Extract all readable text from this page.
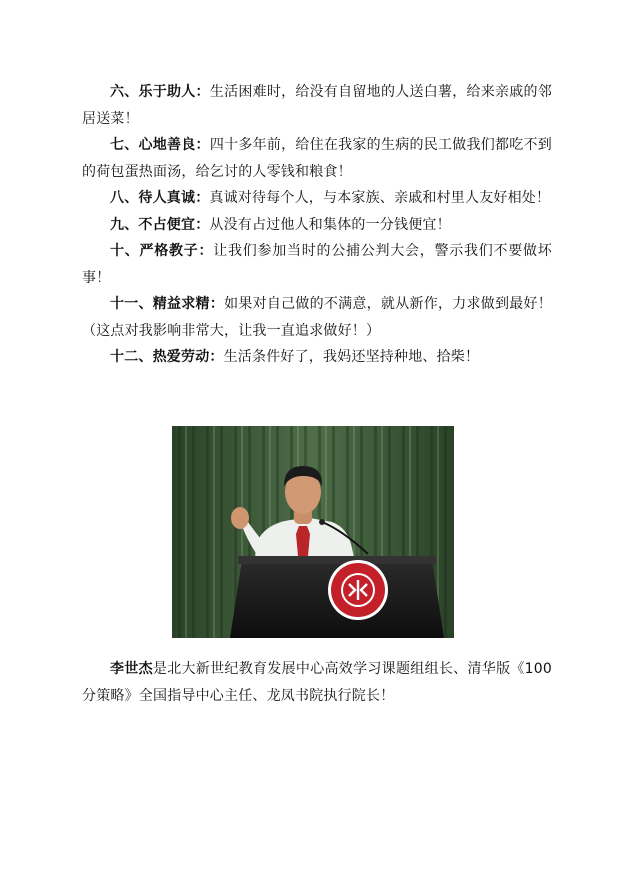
六、乐于助人：生活困难时，给没有自留地的人送白薯，给来亲戚的邻居送菜！

七、心地善良：四十多年前，给住在我家的生病的民工做我们都吃不到的荷包蛋热面汤，给乞讨的人零钱和粮食！

八、待人真诚：真诚对待每个人，与本家族、亲戚和村里人友好相处！

九、不占便宜：从没有占过他人和集体的一分钱便宜！

十、严格教子：让我们参加当时的公捕公判大会，警示我们不要做坏事！

十一、精益求精：如果对自己做的不满意，就从新作，力求做到最好！（这点对我影响非常大，让我一直追求做好！）

十二、热爱劳动：生活条件好了，我妈还坚持种地、拾柴！

李世杰是北大新世纪教育发展中心高效学习课题组组长、清华版《100 分策略》全国指导中心主任、龙凤书院执行院长！
